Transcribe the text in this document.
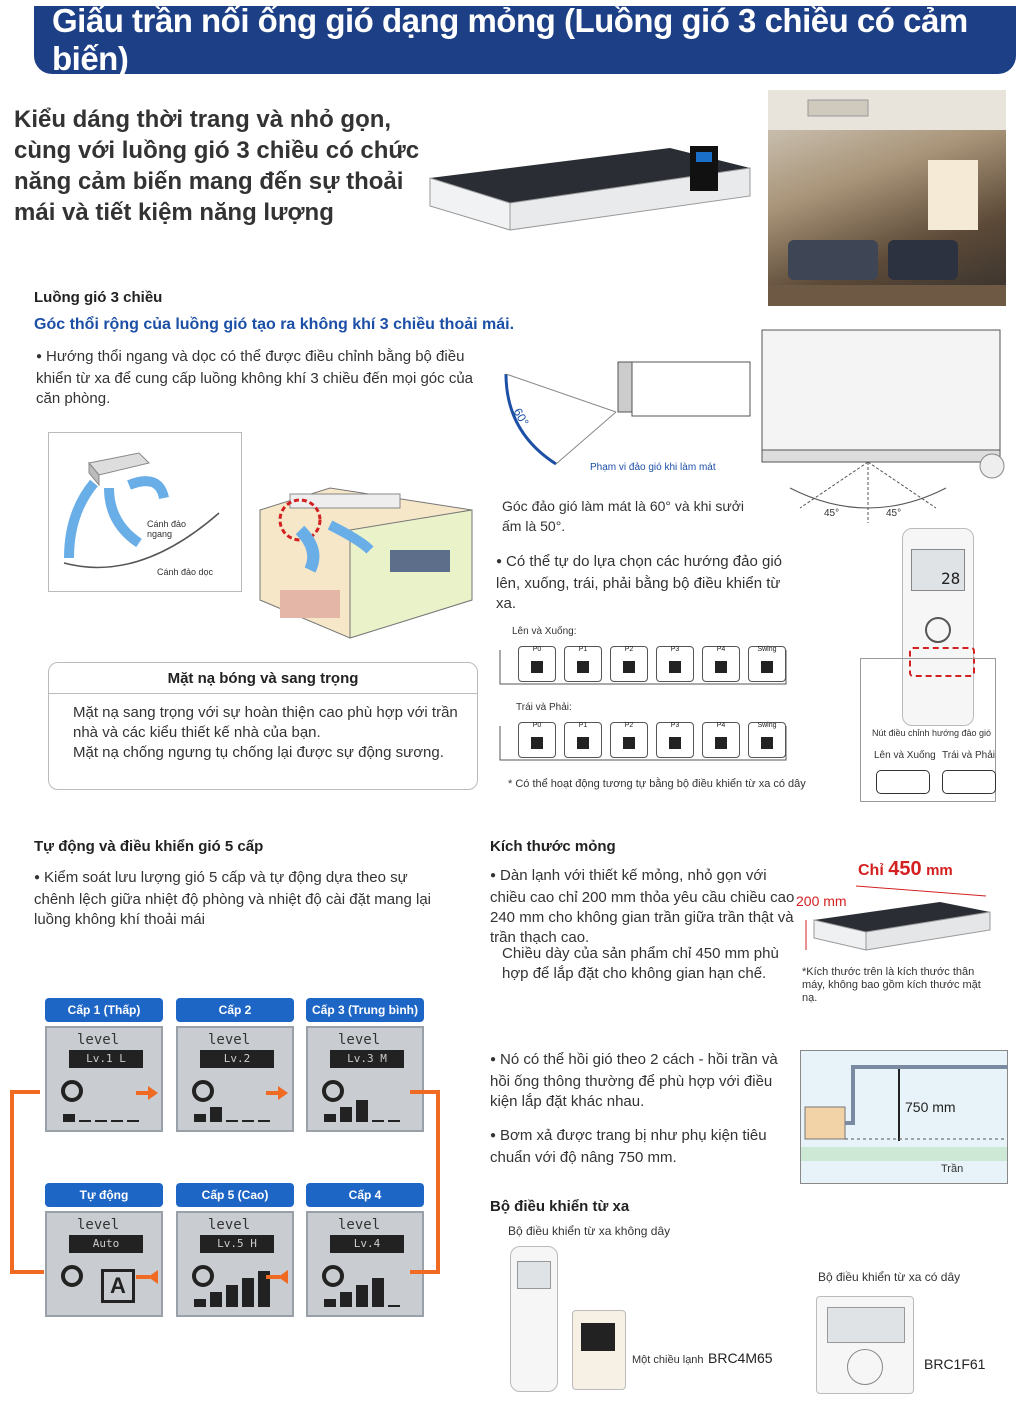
Giấu trần nối ống gió dạng mỏng (Luồng gió 3 chiều có cảm biến)
Kiểu dáng thời trang và nhỏ gọn, cùng với luồng gió 3 chiều có chức năng cảm biến mang đến sự thoải mái và tiết kiệm năng lượng
Luồng gió 3 chiều
Góc thổi rộng của luồng gió tạo ra không khí 3 chiều thoải mái.
● Hướng thổi ngang và dọc có thể được điều chỉnh bằng bộ điều khiển từ xa để cung cấp luồng không khí 3 chiều đến mọi góc của căn phòng.
Cánh đảo ngang
Cánh đảo dọc
60°
Phạm vi đảo gió khi làm mát
45°	45°
Góc đảo gió làm mát là 60° và khi sưởi ấm là 50°.
● Có thể tự do lựa chọn các hướng đảo gió lên, xuống, trái, phải bằng bộ điều khiển từ xa.
Lên và Xuống:
Trái và Phải:
P0	P1	P2	P3	P4	Swing
P0	P1	P2	P3	P4	Swing
* Có thể hoạt động tương tự bằng bộ điều khiển từ xa có dây
28
Nút điều chỉnh hướng đảo gió
Lên và Xuống Trái và Phải
Mặt nạ bóng và sang trọng
Mặt nạ sang trọng với sự hoàn thiện cao phù hợp với trần nhà và các kiểu thiết kế nhà của bạn.
Mặt nạ chống ngưng tụ chống lại được sự động sương.
Tự động và điều khiển gió 5 cấp
● Kiểm soát lưu lượng gió 5 cấp và tự động dựa theo sự chênh lệch giữa nhiệt độ phòng và nhiệt độ cài đặt mang lại luồng không khí thoải mái
Cấp 1 (Thấp)
level
Lv.1 L
Cấp 2
level
Lv.2
Cấp 3 (Trung bình)
level
Lv.3 M
Tự động
level
Auto
A
Cấp 5 (Cao)
level
Lv.5 H
Cấp 4
level
Lv.4
Kích thước mỏng
● Dàn lạnh với thiết kế mỏng, nhỏ gọn với chiều cao chỉ 200 mm thỏa yêu cầu chiều cao 240 mm cho không gian trần giữa trần thật và trần thạch cao.
Chiều dày của sản phẩm chỉ 450 mm phù hợp để lắp đặt cho không gian hạn chế.
Chỉ 450 mm
200 mm
*Kích thước trên là kích thước thân máy, không bao gồm kích thước mặt nạ.
● Nó có thể hồi gió theo 2 cách - hồi trần và hồi ống thông thường để phù hợp với điều kiện lắp đặt khác nhau.
● Bơm xả được trang bị như phụ kiện tiêu chuẩn với độ nâng 750 mm.
750 mm
Trần
Bộ điều khiển từ xa
Bộ điều khiển từ xa không dây
Bộ điều khiển từ xa có dây
Một chiều lạnh BRC4M65	BRC1F61
